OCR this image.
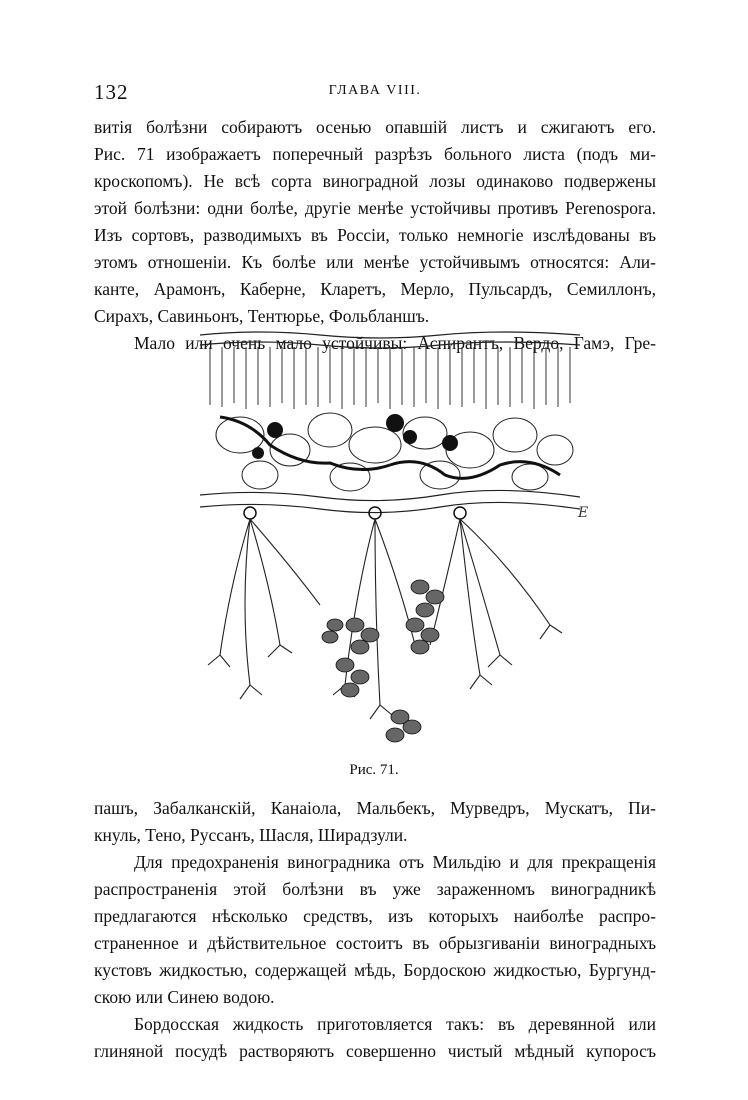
132	ГЛАВА VIII.

витія болѣзни собираютъ осенью опавшій листъ и сжигаютъ его.

Рис. 71 изображаетъ поперечный разрѣзъ больного листа (подъ ми-

кроскопомъ). Не всѣ сорта виноградной лозы одинаково подвержены

этой болѣзни: одни болѣе, другіе менѣе устойчивы противъ Perenospora.

Изъ сортовъ, разводимыхъ въ Россіи, только немногіе изслѣдованы въ

этомъ отношеніи. Къ болѣе или менѣе устойчивымъ относятся: Али-

канте, Арамонъ, Каберне, Кларетъ, Мерло, Пульсардъ, Семиллонъ,

Сирахъ, Савиньонъ, Тентюрье, Фольбланшъ.

Мало или очень мало устойчивы: Аспирантъ, Вердо, Гамэ, Гре-

E
Рис. 71.

пашъ, Забалканскій, Канаіола, Мальбекъ, Мурведръ, Мускатъ, Пи-

кнуль, Тено, Руссанъ, Шасля, Ширадзули.

Для предохраненія виноградника отъ Мильдію и для прекращенія

распространенія этой болѣзни въ уже зараженномъ виноградникѣ

предлагаются нѣсколько средствъ, изъ которыхъ наиболѣе распро-

страненное и дѣйствительное состоитъ въ обрызгиваніи виноградныхъ

кустовъ жидкостью, содержащей мѣдь, Бордоскою жидкостью, Бургунд-

скою или Синею водою.

Бордосская жидкость приготовляется такъ: въ деревянной или

глиняной посудѣ растворяютъ совершенно чистый мѣдный купоросъ
